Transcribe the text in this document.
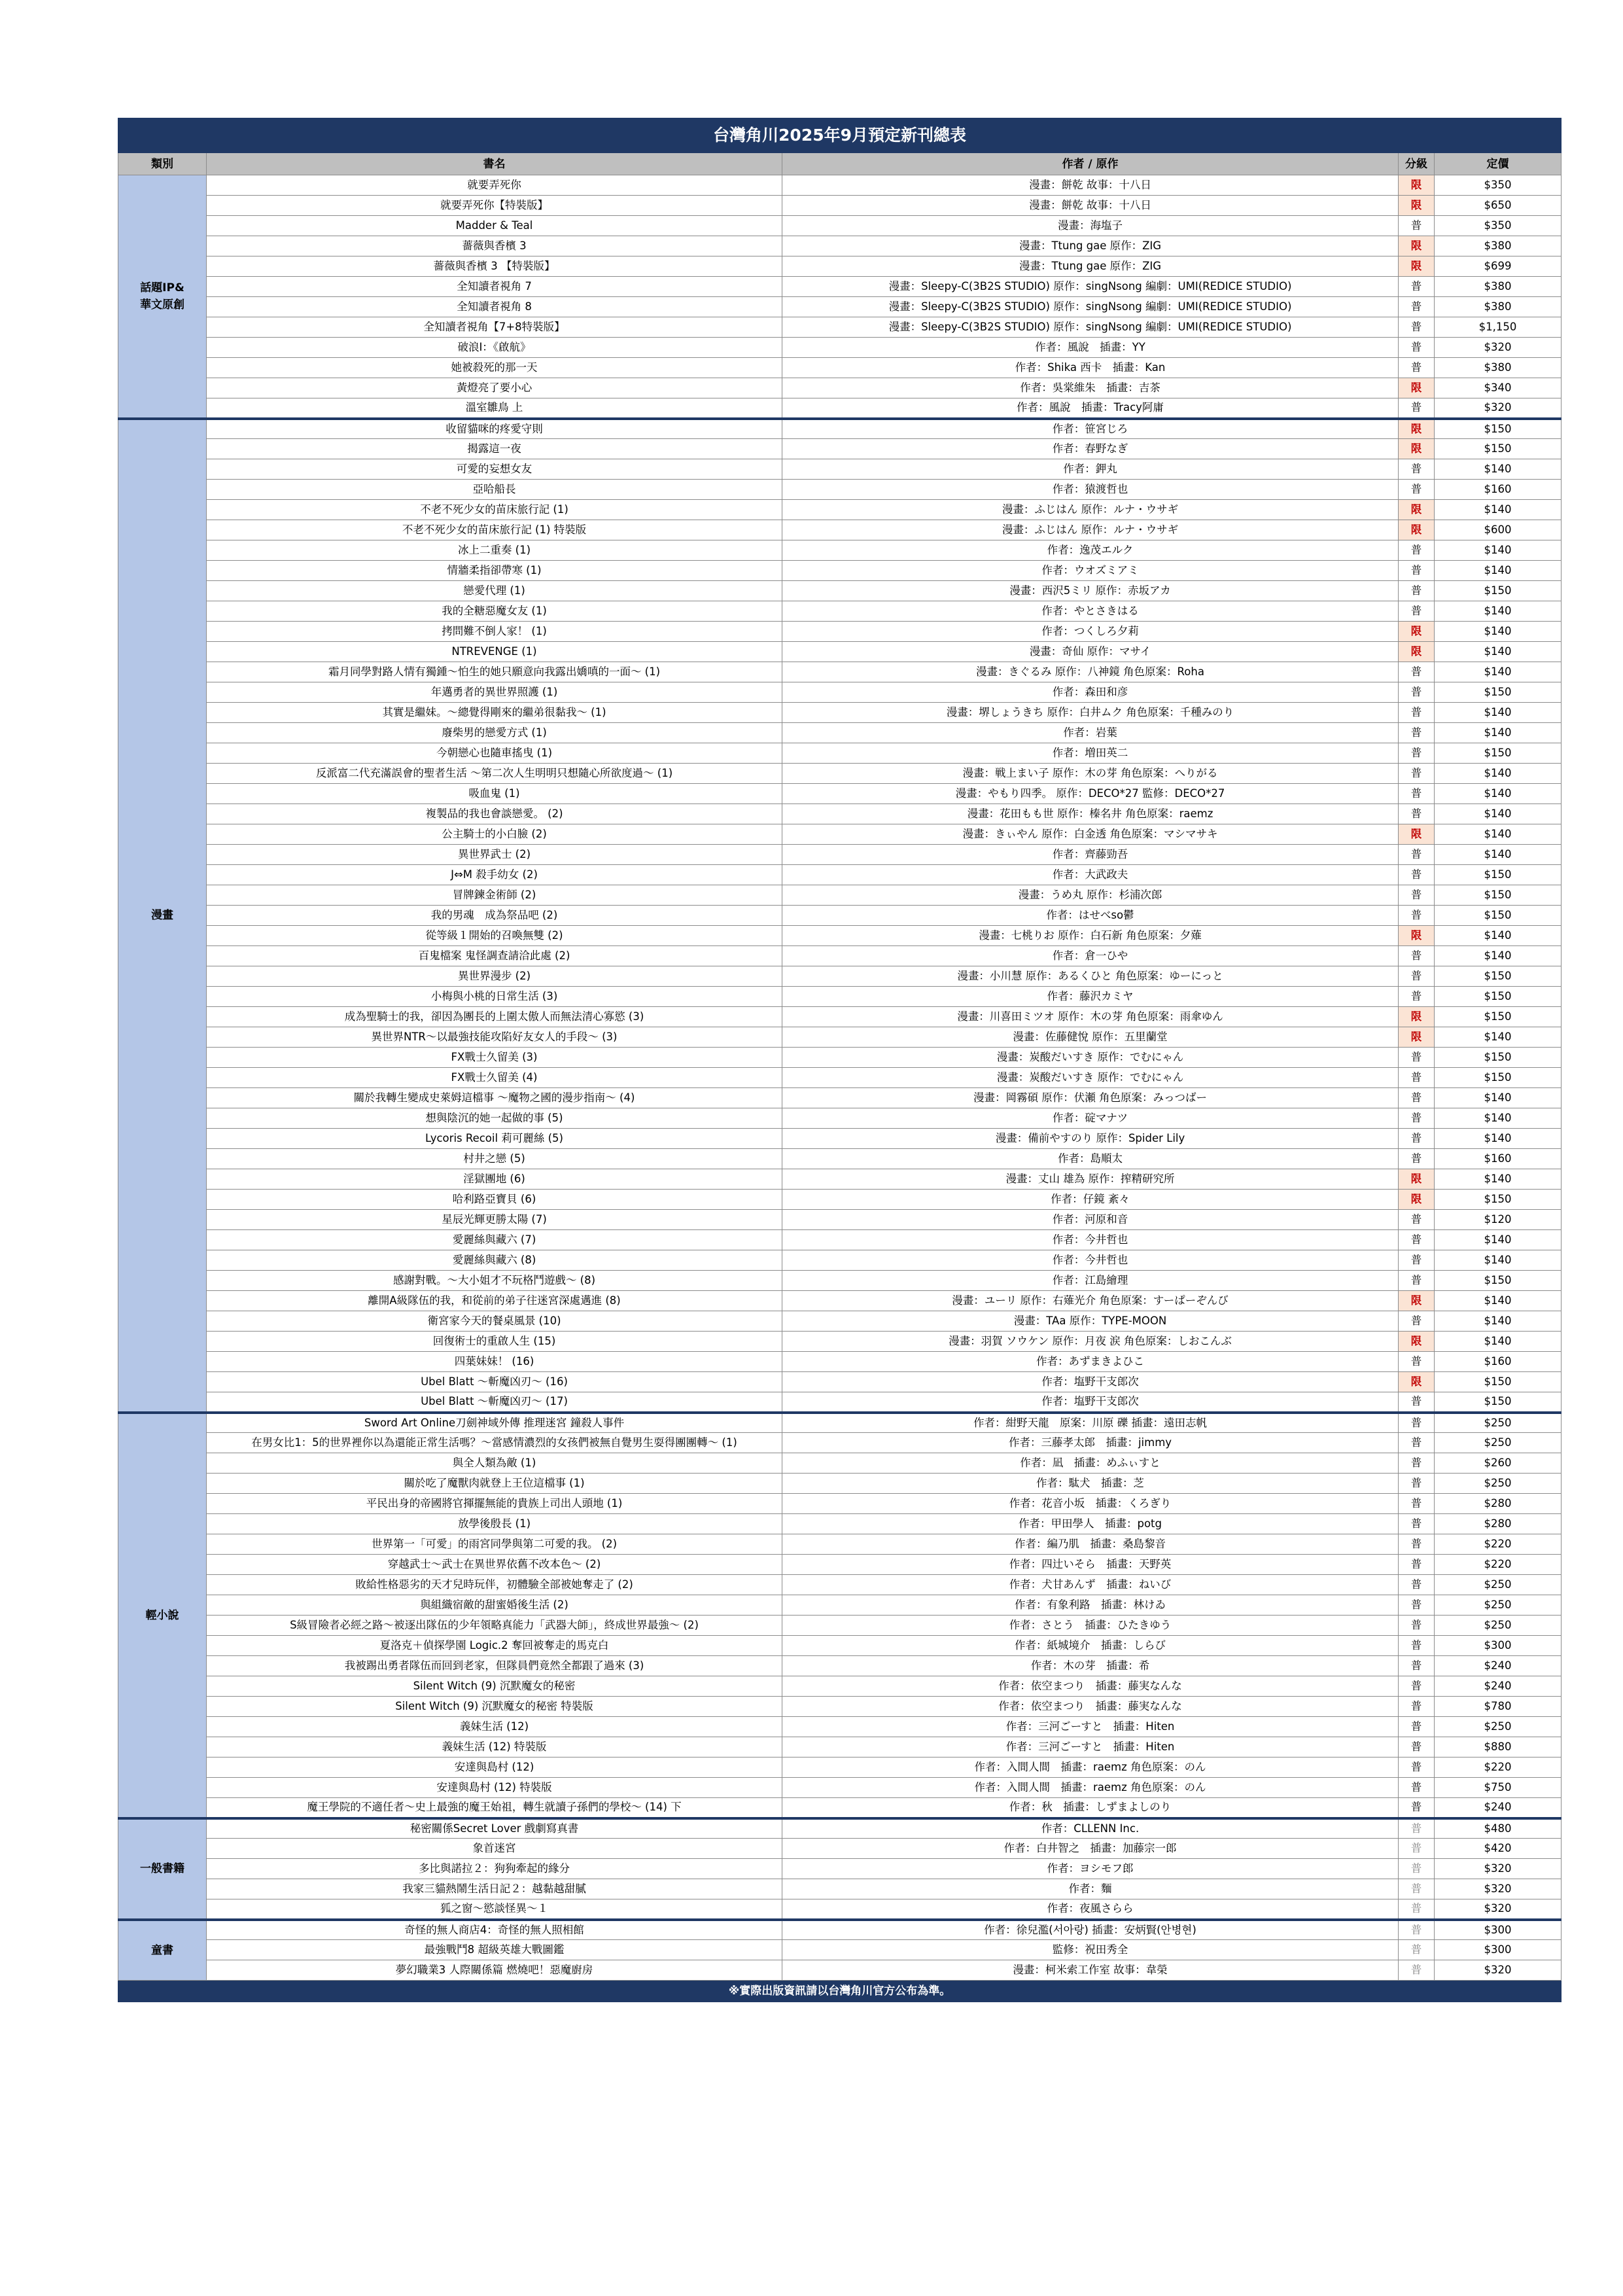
台灣角川2025年9月預定新刊總表				
類別	書名	作者 / 原作	分級	定價
話題IP&
華文原創	就要弄死你	漫畫：餅乾 故事：十八日	限	$350
	就要弄死你【特裝版】	漫畫：餅乾 故事：十八日	限	$650
	Madder & Teal	漫畫：海塩子	普	$350
	薔薇與香檳 3	漫畫：Ttung gae 原作：ZIG	限	$380
	薔薇與香檳 3 【特裝版】	漫畫：Ttung gae 原作：ZIG	限	$699
	全知讀者視角 7	漫畫：Sleepy-C(3B2S STUDIO) 原作：singNsong 編劇：UMI(REDICE STUDIO)	普	$380
	全知讀者視角 8	漫畫：Sleepy-C(3B2S STUDIO) 原作：singNsong 編劇：UMI(REDICE STUDIO)	普	$380
	全知讀者視角【7+8特裝版】	漫畫：Sleepy-C(3B2S STUDIO) 原作：singNsong 編劇：UMI(REDICE STUDIO)	普	$1,150
	破浪Ⅰ：《啟航》	作者：風說　插畫：YY	普	$320
	她被殺死的那一天	作者：Shika 西卡　插畫：Kan	普	$380
	黃燈亮了要小心	作者：吳棠維朱　插畫：吉茶	限	$340
	溫室雛鳥 上	作者：風說　插畫：Tracy阿庸	普	$320
漫畫	收留貓咪的疼愛守則	作者：笹宮じろ	限	$150
	揭露這一夜	作者：春野なぎ	限	$150
	可愛的妄想女友	作者：鉀丸	普	$140
	亞哈船長	作者：猿渡哲也	普	$160
	不老不死少女的苗床旅行記 (1)	漫畫：ふじはん 原作：ルナ・ウサギ	限	$140
	不老不死少女的苗床旅行記 (1) 特裝版	漫畫：ふじはん 原作：ルナ・ウサギ	限	$600
	冰上二重奏 (1)	作者：逸茂エルク	普	$140
	情牆柔指卻帶寒 (1)	作者：ウオズミアミ	普	$140
	戀愛代理 (1)	漫畫：西沢5ミリ 原作：赤坂アカ	普	$150
	我的全糖惡魔女友 (1)	作者：やとさきはる	普	$140
	拷問難不倒人家！ (1)	作者：つくしろ夕莉	限	$140
	NTREVENGE (1)	漫畫：奇仙 原作：マサイ	限	$140
	霜月同學對路人情有獨鍾～怕生的她只願意向我露出嬌嗔的一面～ (1)	漫畫：きぐるみ 原作：八神鏡 角色原案：Roha	普	$140
	年邁勇者的異世界照護 (1)	作者：森田和彦	普	$150
	其實是繼妹。～總覺得剛來的繼弟很黏我～ (1)	漫畫：堺しょうきち 原作：白井ムク 角色原案：千種みのり	普	$140
	廢柴男的戀愛方式 (1)	作者：岩葉	普	$140
	今朝戀心也隨車搖曳 (1)	作者：増田英二	普	$150
	反派富二代充滿誤會的聖者生活 ～第二次人生明明只想隨心所欲度過～ (1)	漫畫：戦上まい子 原作：木の芽 角色原案：へりがる	普	$140
	吸血鬼 (1)	漫畫：やもり四季。 原作：DECO*27 監修：DECO*27	普	$140
	複製品的我也會談戀愛。 (2)	漫畫：花田もも世 原作：榛名井 角色原案：raemz	普	$140
	公主騎士的小白臉 (2)	漫畫：きぃやん 原作：白金透 角色原案：マシマサキ	限	$140
	異世界武士 (2)	作者：齊藤勁吾	普	$140
	J⇔M 殺手幼女 (2)	作者：大武政夫	普	$150
	冒牌鍊金術師 (2)	漫畫：うめ丸 原作：杉浦次郎	普	$150
	我的男魂　成為祭品吧 (2)	作者：はせべso鬱	普	$150
	從等級１開始的召喚無雙 (2)	漫畫：七桃りお 原作：白石新 角色原案：夕薙	限	$140
	百鬼檔案 鬼怪調查請洽此處 (2)	作者：倉一ひや	普	$140
	異世界漫步 (2)	漫畫：小川慧 原作：あるくひと 角色原案：ゆーにっと	普	$150
	小梅與小桃的日常生活 (3)	作者：藤沢カミヤ	普	$150
	成為聖騎士的我，卻因為團長的上圍太傲人而無法清心寡慾 (3)	漫畫：川喜田ミツオ 原作：木の芽 角色原案：雨傘ゆん	限	$150
	異世界NTR～以最強技能攻陷好友女人的手段～ (3)	漫畫：佐藤健悅 原作：五里蘭堂	限	$140
	FX戰士久留美 (3)	漫畫：炭酸だいすき 原作：でむにゃん	普	$150
	FX戰士久留美 (4)	漫畫：炭酸だいすき 原作：でむにゃん	普	$150
	關於我轉生變成史萊姆這檔事 ～魔物之國的漫步指南～ (4)	漫畫：岡霧碩 原作：伏瀬 角色原案：みっつばー	普	$140
	想與陰沉的她一起做的事 (5)	作者：碇マナツ	普	$140
	Lycoris Recoil 莉可麗絲 (5)	漫畫：備前やすのり 原作：Spider Lily	普	$140
	村井之戀 (5)	作者：島順太	普	$160
	淫獄團地 (6)	漫畫：丈山 雄為 原作：搾精研究所	限	$140
	哈利路亞寶貝 (6)	作者：仔鏡 紊々	限	$150
	星辰光輝更勝太陽 (7)	作者：河原和音	普	$120
	愛麗絲與藏六 (7)	作者：今井哲也	普	$140
	愛麗絲與藏六 (8)	作者：今井哲也	普	$140
	感謝對戰。～大小姐才不玩格鬥遊戲～ (8)	作者：江島繪理	普	$150
	離開A級隊伍的我，和從前的弟子往迷宮深處邁進 (8)	漫畫：ユーリ 原作：右薙光介 角色原案：すーぱーぞんび	限	$140
	衛宮家今天的餐桌風景 (10)	漫畫：TAa 原作：TYPE-MOON	普	$140
	回復術士的重啟人生 (15)	漫畫：羽賀 ソウケン 原作：月夜 涙 角色原案：しおこんぶ	限	$140
	四葉妹妹！ (16)	作者：あずまきよひこ	普	$160
	Ubel Blatt ～斬魔凶刃～ (16)	作者：塩野干支郎次	限	$150
	Ubel Blatt ～斬魔凶刃～ (17)	作者：塩野干支郎次	普	$150
輕小說	Sword Art Online刀劍神域外傳 推理迷宮 鐘殺人事件	作者：紺野天龍　原案：川原 礫 插畫：遠田志帆	普	$250
	在男女比1：5的世界裡你以為還能正常生活嗎？～當感情濃烈的女孩們被無自覺男生耍得團團轉～ (1)	作者：三藤孝太郎　插畫：jimmy	普	$250
	與全人類為敵 (1)	作者：凪　插畫：めふぃすと	普	$260
	關於吃了魔獸肉就登上王位這檔事 (1)	作者：駄犬　插畫：芝	普	$250
	平民出身的帝國將官揮擺無能的貴族上司出人頭地 (1)	作者：花音小坂　插畫：くろぎり	普	$280
	放學後殷長 (1)	作者：甲田學人　插畫：potg	普	$280
	世界第一「可愛」的雨宮同學與第二可愛的我。 (2)	作者：編乃肌　插畫：桑島黎音	普	$220
	穿越武士～武士在異世界依舊不改本色～ (2)	作者：四辻いそら　插畫：天野英	普	$220
	敗給性格惡劣的天才兒時玩伴，初體驗全部被她奪走了 (2)	作者：犬甘あんず　插畫：ねいび	普	$250
	與組織宿敵的甜蜜婚後生活 (2)	作者：有象利路　插畫：林けゐ	普	$250
	S級冒險者必經之路～被逐出隊伍的少年領略真能力「武器大師」，終成世界最強～ (2)	作者：さとう　插畫：ひたきゆう	普	$250
	夏洛克＋偵探學園 Logic.2 奪回被奪走的馬克白	作者：紙城境介　插畫：しらび	普	$300
	我被踢出勇者隊伍而回到老家，但隊員們竟然全都跟了過來 (3)	作者：木の芽　插畫：希	普	$240
	Silent Witch (9) 沉默魔女的秘密	作者：依空まつり　插畫：藤実なんな	普	$240
	Silent Witch (9) 沉默魔女的秘密 特裝版	作者：依空まつり　插畫：藤実なんな	普	$780
	義妹生活 (12)	作者：三河ごーすと　插畫：Hiten	普	$250
	義妹生活 (12) 特裝版	作者：三河ごーすと　插畫：Hiten	普	$880
	安達與島村 (12)	作者：入間人間　插畫：raemz 角色原案：のん	普	$220
	安達與島村 (12) 特裝版	作者：入間人間　插畫：raemz 角色原案：のん	普	$750
	魔王學院的不適任者～史上最強的魔王始祖，轉生就讀子孫們的學校～ (14) 下	作者：秋　插畫：しずまよしのり	普	$240
一般書籍	秘密關係Secret Lover 戲劇寫真書	作者：CLLENN Inc.	普	$480
	象首迷宮	作者：白井智之　插畫：加藤宗一郎	普	$420
	多比與諾拉２：狗狗牽起的緣分	作者：ヨシモフ郎	普	$320
	我家三貓熱鬧生活日記２：越黏越甜膩	作者：麵	普	$320
	狐之窗～慾談怪異～１	作者：夜風さらら	普	$320
童書	奇怪的無人商店4：奇怪的無人照相館	作者：徐兒濫(서아랑) 插畫：安炳賢(안병현)	普	$300
	最強戰鬥8 超級英雄大戰圖鑑	監修：祝田秀全	普	$300
	夢幻職業3 人際關係篇 燃燒吧！惡魔廚房	漫畫：柯米索工作室 故事：韋榮	普	$320
※實際出版資訊請以台灣角川官方公布為準。				
